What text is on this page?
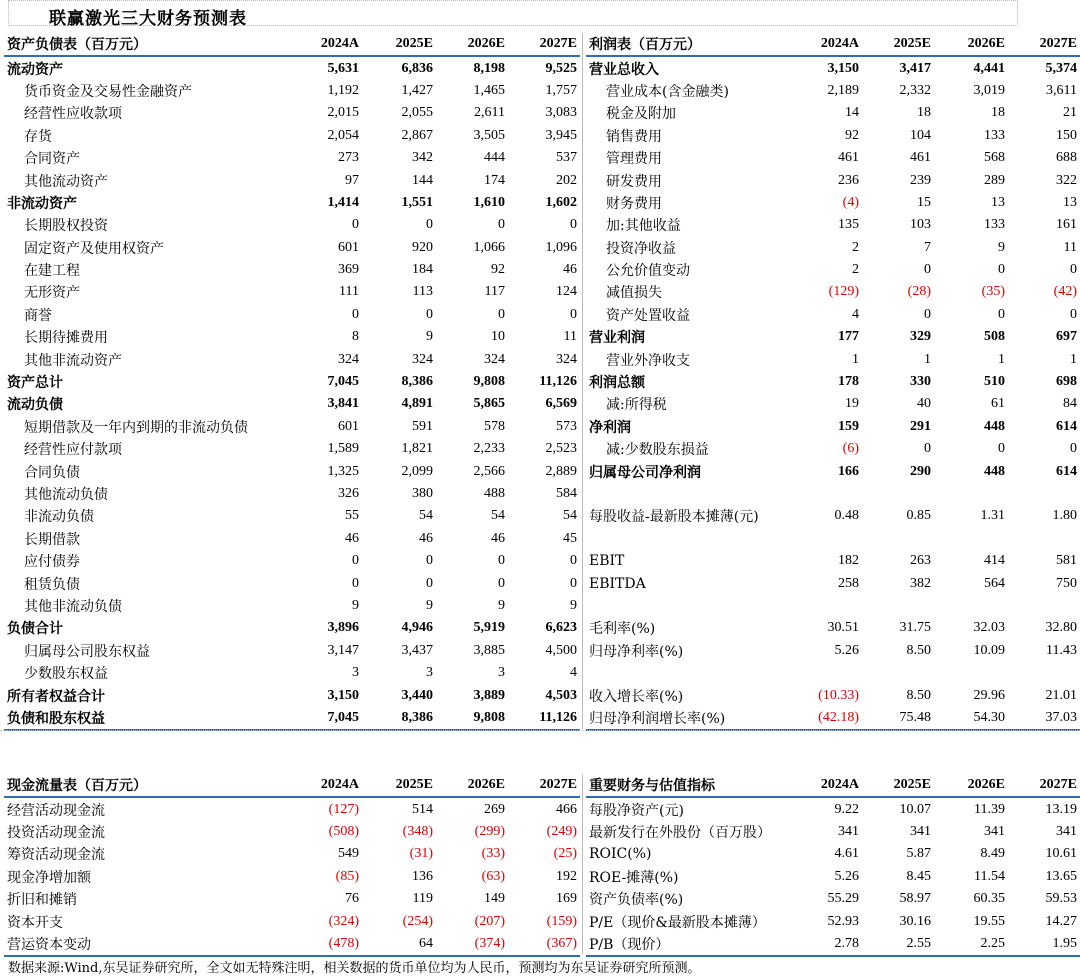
联赢激光三大财务预测表
资产负债表（百万元）	2024A	2025E	2026E	2027E
流动资产	5,631	6,836	8,198	9,525
货币资金及交易性金融资产	1,192	1,427	1,465	1,757
经营性应收款项	2,015	2,055	2,611	3,083
存货	2,054	2,867	3,505	3,945
合同资产	273	342	444	537
其他流动资产	97	144	174	202
非流动资产	1,414	1,551	1,610	1,602
长期股权投资	0	0	0	0
固定资产及使用权资产	601	920	1,066	1,096
在建工程	369	184	92	46
无形资产	111	113	117	124
商誉	0	0	0	0
长期待摊费用	8	9	10	11
其他非流动资产	324	324	324	324
资产总计	7,045	8,386	9,808	11,126
流动负债	3,841	4,891	5,865	6,569
短期借款及一年内到期的非流动负债	601	591	578	573
经营性应付款项	1,589	1,821	2,233	2,523
合同负债	1,325	2,099	2,566	2,889
其他流动负债	326	380	488	584
非流动负债	55	54	54	54
长期借款	46	46	46	45
应付债券	0	0	0	0
租赁负债	0	0	0	0
其他非流动负债	9	9	9	9
负债合计	3,896	4,946	5,919	6,623
归属母公司股东权益	3,147	3,437	3,885	4,500
少数股东权益	3	3	3	4
所有者权益合计	3,150	3,440	3,889	4,503
负债和股东权益	7,045	8,386	9,808	11,126
利润表（百万元）	2024A	2025E	2026E	2027E
营业总收入	3,150	3,417	4,441	5,374
营业成本(含金融类)	2,189	2,332	3,019	3,611
税金及附加	14	18	18	21
销售费用	92	104	133	150
管理费用	461	461	568	688
研发费用	236	239	289	322
财务费用	(4)	15	13	13
加:其他收益	135	103	133	161
投资净收益	2	7	9	11
公允价值变动	2	0	0	0
减值损失	(129)	(28)	(35)	(42)
资产处置收益	4	0	0	0
营业利润	177	329	508	697
营业外净收支	1	1	1	1
利润总额	178	330	510	698
减:所得税	19	40	61	84
净利润	159	291	448	614
减:少数股东损益	(6)	0	0	0
归属母公司净利润	166	290	448	614

每股收益-最新股本摊薄(元)	0.48	0.85	1.31	1.80

EBIT	182	263	414	581
EBITDA	258	382	564	750

毛利率(%)	30.51	31.75	32.03	32.80
归母净利率(%)	5.26	8.50	10.09	11.43

收入增长率(%)	(10.33)	8.50	29.96	21.01
归母净利润增长率(%)	(42.18)	75.48	54.30	37.03
现金流量表（百万元）	2024A	2025E	2026E	2027E
经营活动现金流	(127)	514	269	466
投资活动现金流	(508)	(348)	(299)	(249)
筹资活动现金流	549	(31)	(33)	(25)
现金净增加额	(85)	136	(63)	192
折旧和摊销	76	119	149	169
资本开支	(324)	(254)	(207)	(159)
营运资本变动	(478)	64	(374)	(367)
重要财务与估值指标	2024A	2025E	2026E	2027E
每股净资产(元)	9.22	10.07	11.39	13.19
最新发行在外股份（百万股）	341	341	341	341
ROIC(%)	4.61	5.87	8.49	10.61
ROE-摊薄(%)	5.26	8.45	11.54	13.65
资产负债率(%)	55.29	58.97	60.35	59.53
P/E（现价&最新股本摊薄）	52.93	30.16	19.55	14.27
P/B（现价）	2.78	2.55	2.25	1.95
数据来源:Wind,东吴证券研究所，全文如无特殊注明，相关数据的货币单位均为人民币，预测均为东吴证券研究所预测。
